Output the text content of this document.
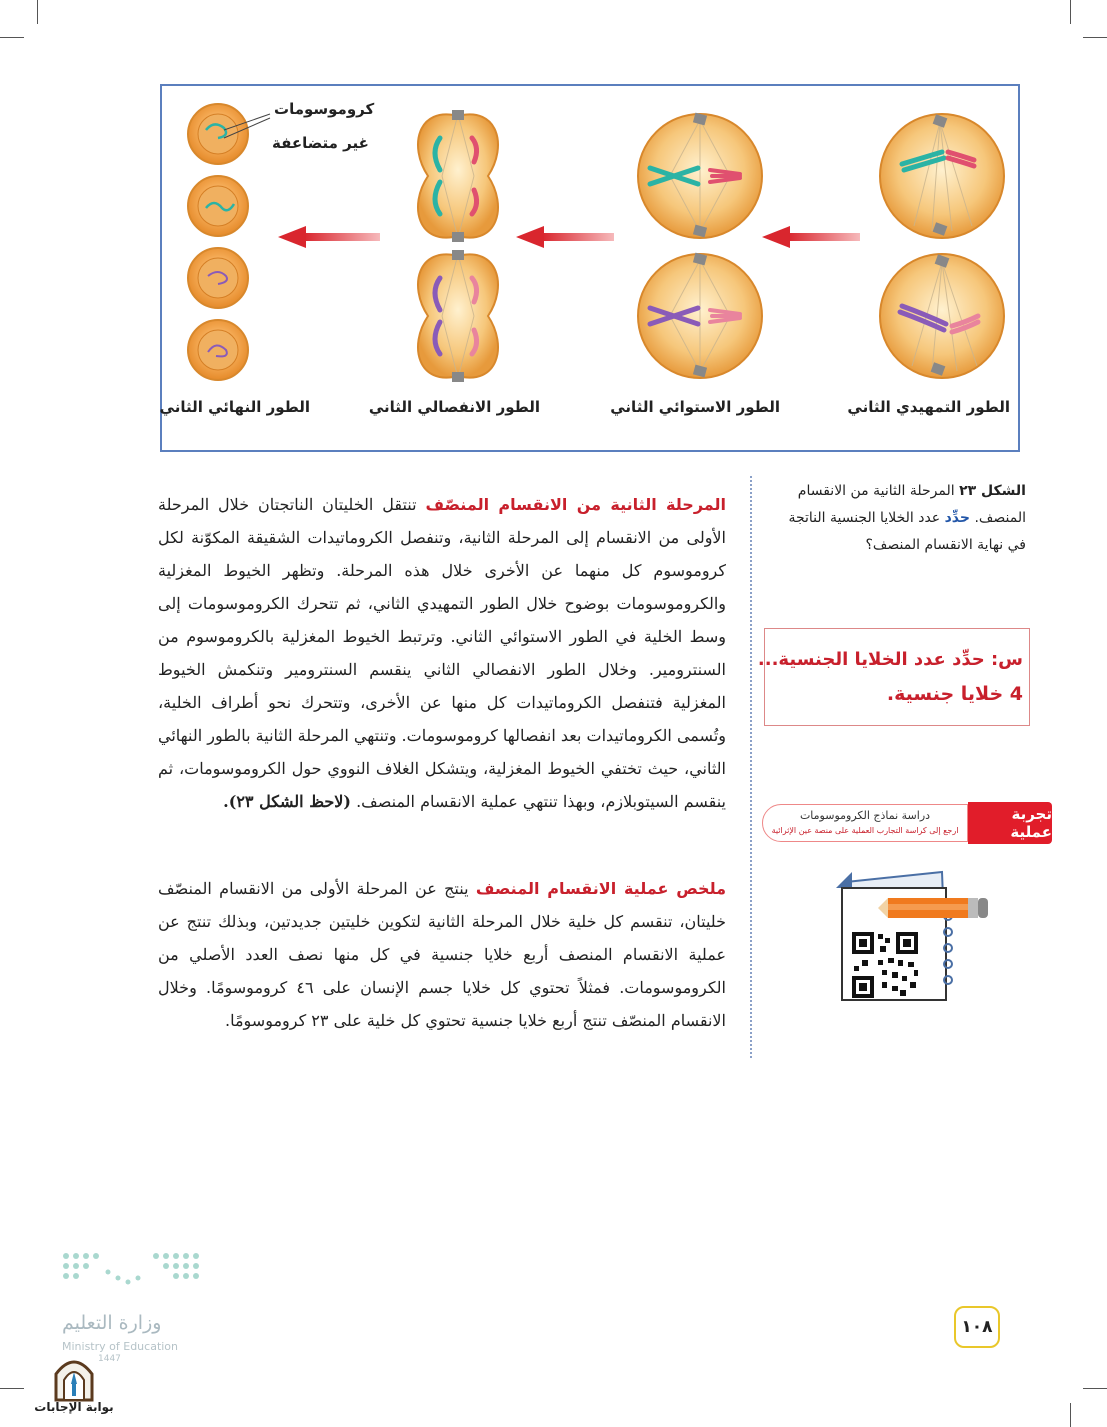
كروموسومات
غير متضاعفة
الطور التمهيدي الثاني
الطور الاستوائي الثاني
الطور الانفصالي الثاني
الطور النهائي الثاني
المرحلة الثانية من الانقسام المنصّف تنتقل الخليتان الناتجتان خلال المرحلة الأولى من الانقسام إلى المرحلة الثانية، وتنفصل الكروماتيدات الشقيقة المكوّنة لكل كروموسوم كل منهما عن الأخرى خلال هذه المرحلة. وتظهر الخيوط المغزلية والكروموسومات بوضوح خلال الطور التمهيدي الثاني، ثم تتحرك الكروموسومات إلى وسط الخلية في الطور الاستوائي الثاني. وترتبط الخيوط المغزلية بالكروموسوم من السنترومير. وخلال الطور الانفصالي الثاني ينقسم السنترومير وتنكمش الخيوط المغزلية فتنفصل الكروماتيدات كل منها عن الأخرى، وتتحرك نحو أطراف الخلية، وتُسمى الكروماتيدات بعد انفصالها كروموسومات. وتنتهي المرحلة الثانية بالطور النهائي الثاني، حيث تختفي الخيوط المغزلية، ويتشكل الغلاف النووي حول الكروموسومات، ثم ينقسم السيتوبلازم، وبهذا تنتهي عملية الانقسام المنصف. (لاحظ الشكل ٢٣).
ملخص عملية الانقسام المنصف ينتج عن المرحلة الأولى من الانقسام المنصّف خليتان، تنقسم كل خلية خلال المرحلة الثانية لتكوين خليتين جديدتين، وبذلك تنتج عن عملية الانقسام المنصف أربع خلايا جنسية في كل منها نصف العدد الأصلي من الكروموسومات. فمثلاً تحتوي كل خلايا جسم الإنسان على ٤٦ كروموسومًا. وخلال الانقسام المنصّف تنتج أربع خلايا جنسية تحتوي كل خلية على ٢٣ كروموسومًا.
الشكل ٢٣ المرحلة الثانية من الانقسام المنصف. حدِّد عدد الخلايا الجنسية الناتجة في نهاية الانقسام المنصف؟
س: حدِّد عدد الخلايا الجنسية...
4 خلايا جنسية.
تجربة عملية
دراسة نماذج الكروموسومات
ارجع إلى كراسة التجارب العملية على منصة عين الإثرائية
١٠٨
وزارة التعليم
Ministry of Education
1447
بوابة الإجابات
